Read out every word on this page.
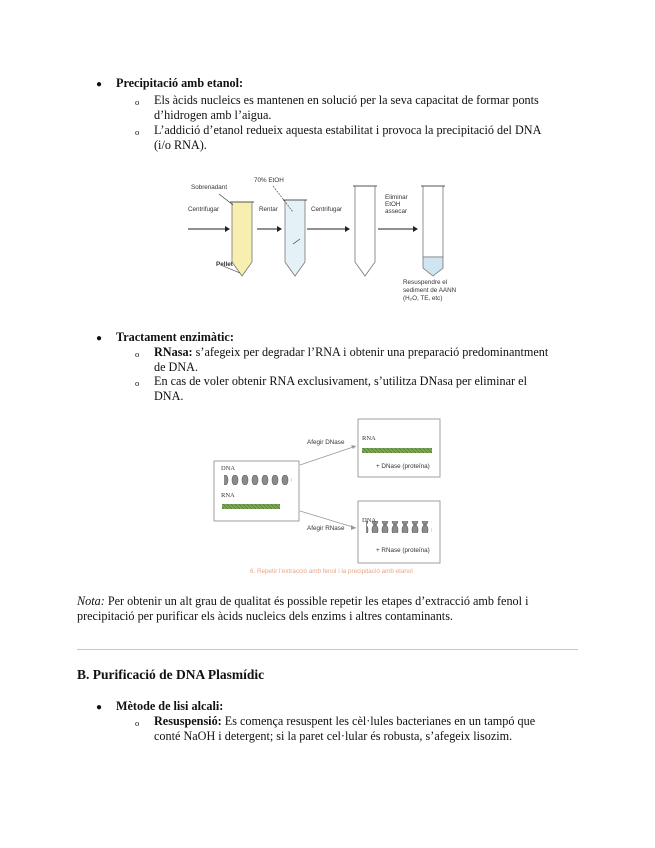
● Precipitació amb etanol:
o Els àcids nucleics es mantenen en solució per la seva capacitat de formar ponts
d’hidrogen amb l’aigua.
o L’addició d’etanol redueix aquesta estabilitat i provoca la precipitació del DNA
(i/o RNA).
Sobrenadant
70% EtOH
Centrifugar	Rentar	Centrifugar
Eliminar
EtOH
assecar
Pellet
Resuspendre el
sediment de AANN
(H₂O, TE, etc)
● Tractament enzimàtic:
o RNasa: s’afegeix per degradar l’RNA i obtenir una preparació predominantment
de DNA.
o En cas de voler obtenir RNA exclusivament, s’utilitza DNasa per eliminar el
DNA.
Afegir DNase
Afegir RNase
DNA
RNA
RNA
+ DNase (proteïna)
DNA
+ RNase (proteïna)
6. Repetir l’extracció amb fenol i la precipitació amb etanol
Nota: Per obtenir un alt grau de qualitat és possible repetir les etapes d’extracció amb fenol i
precipitació per purificar els àcids nucleics dels enzims i altres contaminants.
B. Purificació de DNA Plasmídic
● Mètode de lisi alcali:
o Resuspensió: Es comença resuspent les cèl·lules bacterianes en un tampó que
conté NaOH i detergent; si la paret cel·lular és robusta, s’afegeix lisozim.
